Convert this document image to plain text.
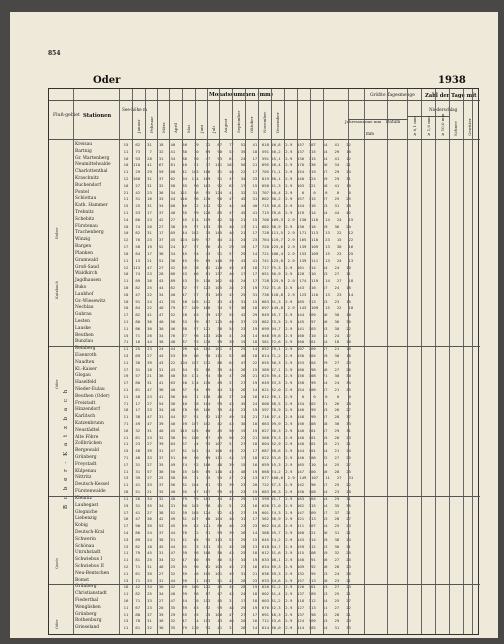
854
Oder	1938
Fluß-gebiet Stationen
See-höhe m
Monatssummen (mm)
Jahressumme mm
Größte Tagesmenge
mm
Datum
Zahl der Tage mit
Niederschlag
B o b e r - K a t z b a c h
Kreisau	15   62   31   18   40   56   79   72   87   77   52   41  618 56,8  2.9  157  107   14   41   32
Bartnig	11   73    7   32   41   80   70   69   90   52   39   18  591 56,2  2.9  137  115   14   29   16
Gr. Wartenberg 10   93   28   31   34   88   50   47   93   61   24   17  591 55,1  2.9  130  115   14   41   12
Neumittelwalde 10  110   41   67   81   10   51   77  111  102   50   21  695 58,4  2.9  170  136   16   34   21
Charlottenthal	11   29   29   59  100   41  103  106   51   48   22   17  705 71,1  2.9  154  119   17   29   24
Kraschnitz	12  168   31   37   62   94  114  109   91   47   34   23  819 80,1  2.9  140  124   19   29   31
Buchendorf	10   27   31   32   58   85   90  103   92   62   17   15  650 51,3  2.9  103  121   18   41   19
Pontel	21   42   23   36   34  121   56   95  124   41   32   31  707 50,4  2.9    0    0    0    0    0
Schlottau	11   31   16   33   44  110   96  130   90   47   45   31  682 80,2  2.9  157  115   27   25   25
Kath. Hammer	15   25   31   34  100   46   32  142   92   44   44   40  715 56,8  2.9  144  116   13   31   28
Trebnitz	11   53   17   37   48   85   99  128   85   47   45   41  715 78,6  2.9  119  114   14   44   42
Schebitz	14   60   23   42   27   55  114  119   42   38   21   15  700 109,3  2.9  130  110   14   24   15
Fürstenau	10   74   26   27   38   29   97  113   39   40   17   11  682 88,9  2.9  130  116   19   36   20
Trachenberg	10   82   31   17  105   44  102   75  145   46   21   17  728 111,5  2.9  171  113   13   22   12
Winzig	12   70   23   37   45  124  109   97   44   24   24   23  764 119,7  2.9  165  110   23   15   22
Bargen	17   58   19   52   24   47   57   96   41   29   19   17  720 125,6  2.9  139  109   13   30   16
Planken	10   84   17   36   34   45   54   43   91   57   29   14  721 106,4  2.9  153  109   15   23   25
Gramwald	11   13   21   51   36   45   59   89  140   39   43   41  741 125,8  2.9  139  111   13   24   13
Groß-Sand	12  113   47   27   42   65   38   82  120   49   47   18  717 75,3  2.9  161  114   14   24   10
Waldkirch	10   74   23   28   66   53   66   81  137   40   17   17  651 80,9  2.9  128  110   13   27   11
Jagdhausen	11   89   26   43   89   53   79  110  162   48   24   17  728 125,9  2.9  174  119   14   27   18
Buko	10   82   25   44   62   32   97  123  105   28   27   19  732 71,8  2.9  143  116   17   24   18
Laubhof	10   47   22   34   40   47   57   53  163   42   25   31  736 118,8  2.9  123  110   13   23   14
Gr.-Wiesewitz	10   91   24   41   35   58  105  142   43   43   31   15  663 81,3  2.9  185  113   13   23   15
Nechlau	10   84   22   40   79   77  109  168   34   57   36   18  697 145,8  2.9  143  109   15   22   18
Gubrau	17   82   41   47   52   28   63   79  137   55   42   29  649 85,7  2.9  144  109   16   30   18
Lesten	11   80   36   40   56   63   59   87  125   40   37   23  682 75,5  2.9  145   97   16   36   30
Lauske	11   86   30   30   46   38   97  121   38   54   23   19  699 94,7  2.9  141  103   13   30   22
Beuthen	15   71   26   34   76   77   96  113  100   41   24   14  648 59,6  2.9  160  110   13   24   17
Bunzlau	71   16   44   38   48   87   93  138   59   39   19   18  581 72,6  2.9  160  101   14   18   16
Reinberg	11   25   23   24   44   99   64  104  101   41   25   14  652 79,1  2.9  107  109   17   21   19
Eisenroth	13   69   27   44   53   89   86   98  111   52   48   18  614 71,2  2.9  150  104   19   30   18
Naudten	11   30   39   43  122  104  107  132   86   64   47   22  655 80,3  2.9  153  104   29   27   23
Kl.-Kaiser	17   31   18   31   43   84   92   88   39   44   26   15  589 57,1  2.9  160   98   16   27   26
Glogau	19   57   21   36   40   85  111   94   50   47   28   21  625 69,4  2.9  150  108   21   30   30
Haselfeld	17   80   31   41   63   50  114  110   49   31   27   19  649 83,3  2.9  158   99   14   24   34
Nieder-Eulau	11   81   47   36   40   87   94   89   44   33   26   14  621 82,0  2.9  154  106   17   21   25
Beuthen (Oder) 11   48   23   41   56   40   71  118   48   37   24   16  612 76,1  2.9    0    0    0    0    0
Freistadt	71   17   27   54   36   40   38  104   99   43   45   24  600 88,5  2.9  134  102   21   26   28
Hinzendorf	18   17   23   34   48   78   98  106   39   43   23   19  597 78,9  2.9  140   99   13   26   27
Karlitsch	11   38   47   31   44   87   91   92  117   49   31   21  716 97,4  2.9  148   99   17   28   37
Katzenbrunn	71   49   47   39   40   59  107  102   42   43   30   18  663 99,9  2.9  156  108   18   30   33
Neustädtel	16   32   31   40   45  115  105   60   45   50   19   19  627 66,3  2.9  140  101   17   29   31
Alte Föhre	11   81   23   32   36   91  100   87   49   50   22   21  568 79,3  2.9  140  101   15   28   23
Zollbrücken	11   23   27   39   84   67   44   93  107   51   27   18  604 82,9  2.9  140  101   15   21   21
Bergewald	15   48   39   31   47   81  101   74  106   45   22   17  687 88,6  2.9  144  101   14   21   24
Grünberg	71   48   33   37   51   56   90   89  111   43   17   18  622 63,6  2.9  140  106   22   27   25
Freystadt	17   31   27   35   49   74   92  106   48   39   15   16  659 55,3  2.9  165  110   14   25   27
Külpenau	11   31   57   36   50   55  105   69  110   43   48   19  668 74,2  2.9  147  100   16   28   25
Nittritz	13   39   27   25   58   89   31   75   95   47   21   13  677 100,0  2.9  149  107   11   27   31
Deutsch-Kessel	11   41   33   37   56   81  104   81   93   39   23   20  722 87,3  2.9  142   96   17   25   22
Fürstenwalde	18   51   21   35   40   95   67  107   99   45   23   19  683 96,3  2.9  150  108   14   23   28
Kleinitz	11   26   34   32   48   79   95  103   44   43   29   15  599 91,7  2.9  163  104   14   29   31
Laubegast	19   31   35   34   31   80  103   98   41   51   22   16  620 71,0  2.9  162  115   14   35   35
Glogniche	17   41   27   38   52   69  105  124   52   43   27   19  601 74,3  2.9  147  109   17   37   21
Liebenzig	16   47   36   42   49   81  107   68  104   40   31   17  562 66,9  2.9  121  113   13   28   27
Kobig	17   90   39   53   45   59   82  121   86   48   23   23  662 94,8  2.9  111  107   14   25   23
Deutsch-Kral	14   80   24   37   44   76   72   91   99   39   26   14  588 95,7  2.9  160  121   16   31   21
Schwerin	13   89   24   38   51   51   65   95  113   52   29   15  645 74,2  2.9  143  114   19   38   24
Schönau	13   82   18   45   44   91   73  111   51   45   28   13  618 84,7  2.9  159  112   13   30   31
Unruhstadt	11   79   45   31   47   69   98  108   50   43   25   18  612 81,6  2.9  115  108   19   32   25
Schwiebus I	11   81   25   34   32   47   80   89   40   52   34   19  633 98,1  2.9  140   91   16   27   24
Schwiebus II	12   71   31   46   25   65   90   62  105   45   27   16  634 89,3  2.9  109   92   16   28   23
Neu-Bentschen	11   61   39   27   32   39   48  105  101   49   31   21  636 89,3  2.9  132   95   13   24   26
Bomst	13   71   33   31   44   69   71  103   51   42   28   23  633 84,6  2.9  157  113   18   23   21
Grünberg	18   42   34   30   42   59  100  122   45   45   28   19  620 81,2  2.9  120  101   13   27   23
Christianstadt	11   82   25   34   40   69   98   87   47   43   24   18  602 81,4  2.9  137  109   13   25   21
Fiederthal	16   71   33   27   47   54   78  113   45   31   17   18  603 81,2  2.9  118  112   14   25   27
Wenglishen	11   67   23   28   35   39   63   52   99   48   29   19  670 52,3  2.9  127  113   11   27   22
Grünberg	11   88   37   39   29   35   45   75  100   47   27   17  691 48,3  2.9  137   98   13   28   21
Rothenburg	13   78   31   36   32   47   74  113   43   46   20   16  711 33,6  2.9  124  109   13   29   23
Grieseland	11   61   32   36   35   79  110   92   41   31   28   14  614 36,0  2.9  114  105   14   31   33
Januar Februar März April Mai Juni Juli August September Oktober November Dezember	≥ 0,1 mm ≥ 1,0 mm ≥ 10,0 mm Schnee Gewitter
Bober
Katzbach
Oder
Queis
Oder
